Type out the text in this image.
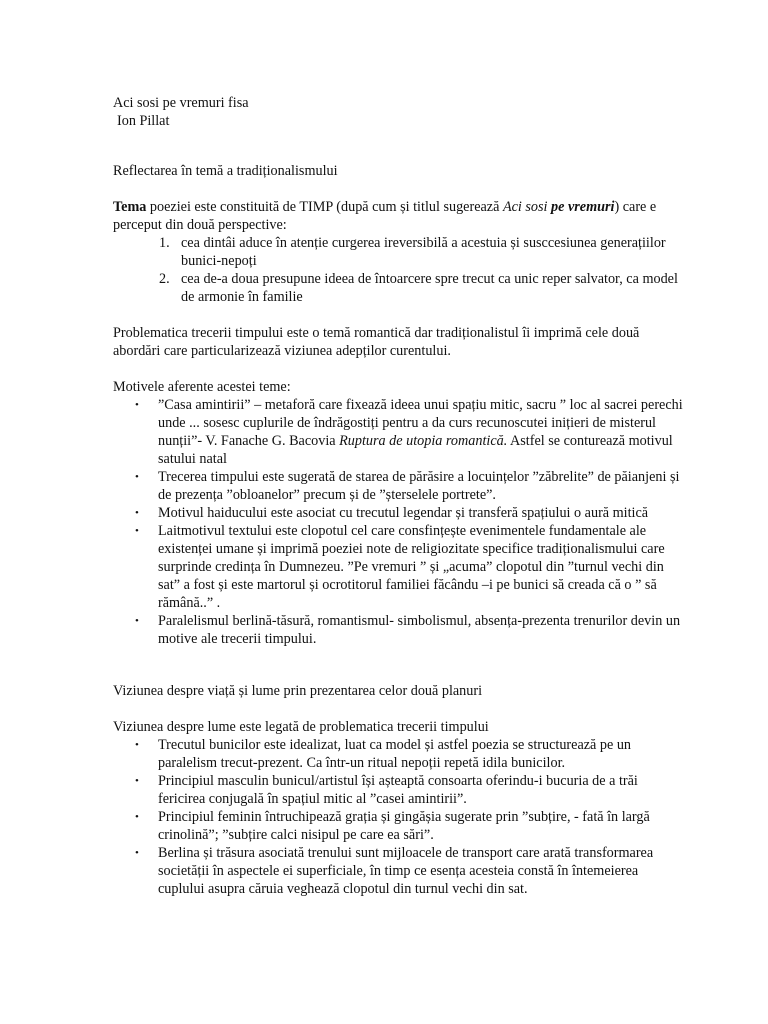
Aci sosi pe vremuri fisa

Ion Pillat

Reflectarea în temă a tradiționalismului

Tema poeziei este constituită de TIMP (după cum și titlul sugerează Aci sosi pe vremuri) care e perceput din două perspective:

1. cea dintâi aduce în atenție curgerea ireversibilă a acestuia și susccesiunea generațiilor bunici-nepoți
2. cea de-a doua presupune ideea de întoarcere spre trecut ca unic reper salvator, ca model de armonie în familie

Problematica trecerii timpului este o temă romantică dar tradiționalistul îi imprimă cele două abordări care particularizează viziunea adepților curentului.

Motivele aferente acestei teme:

• ”Casa amintirii” – metaforă care fixează ideea unui spațiu mitic, sacru ” loc al sacrei perechi unde ... sosesc cuplurile de îndrăgostiți pentru a da curs recunoscutei inițieri de misterul nunții”- V. Fanache G. Bacovia Ruptura de utopia romantică. Astfel se conturează motivul satului natal
• Trecerea timpului este sugerată de starea de părăsire a locuințelor ”zăbrelite” de păianjeni și de prezența ”obloanelor” precum și de ”șterselele portrete”.
• Motivul haiducului este asociat cu trecutul legendar și transferă spațiului o aură mitică
• Laitmotivul textului este clopotul cel care consfințește evenimentele fundamentale ale existenței umane și imprimă poeziei note de religiozitate specifice tradiționalismului care surprinde credința în Dumnezeu. ”Pe vremuri ” și „acuma” clopotul din ”turnul vechi din sat” a fost și este martorul și ocrotitorul familiei făcându –i pe bunici să creada că o ” să rămână..” .
• Paralelismul berlină-tăsură, romantismul- simbolismul, absența-prezenta trenurilor devin un motive ale trecerii timpului.

Viziunea despre viață și lume prin prezentarea celor două planuri

Viziunea despre lume este legată de problematica trecerii timpului

• Trecutul bunicilor este idealizat, luat ca model și astfel poezia se structurează pe un paralelism trecut-prezent. Ca într-un ritual nepoții repetă idila bunicilor.
• Principiul masculin bunicul/artistul își așteaptă consoarta oferindu-i bucuria de a trăi fericirea conjugală în spațiul mitic al ”casei amintirii”.
• Principiul feminin întruchipează grația și gingășia sugerate prin ”subțire, - fată în largă crinolină”; ”subțire calci nisipul pe care ea sări”.
• Berlina și trăsura asociată trenului sunt mijloacele de transport care arată transformarea societății în aspectele ei superficiale, în timp ce esența acesteia constă în întemeierea cuplului asupra căruia veghează clopotul din turnul vechi din sat.
